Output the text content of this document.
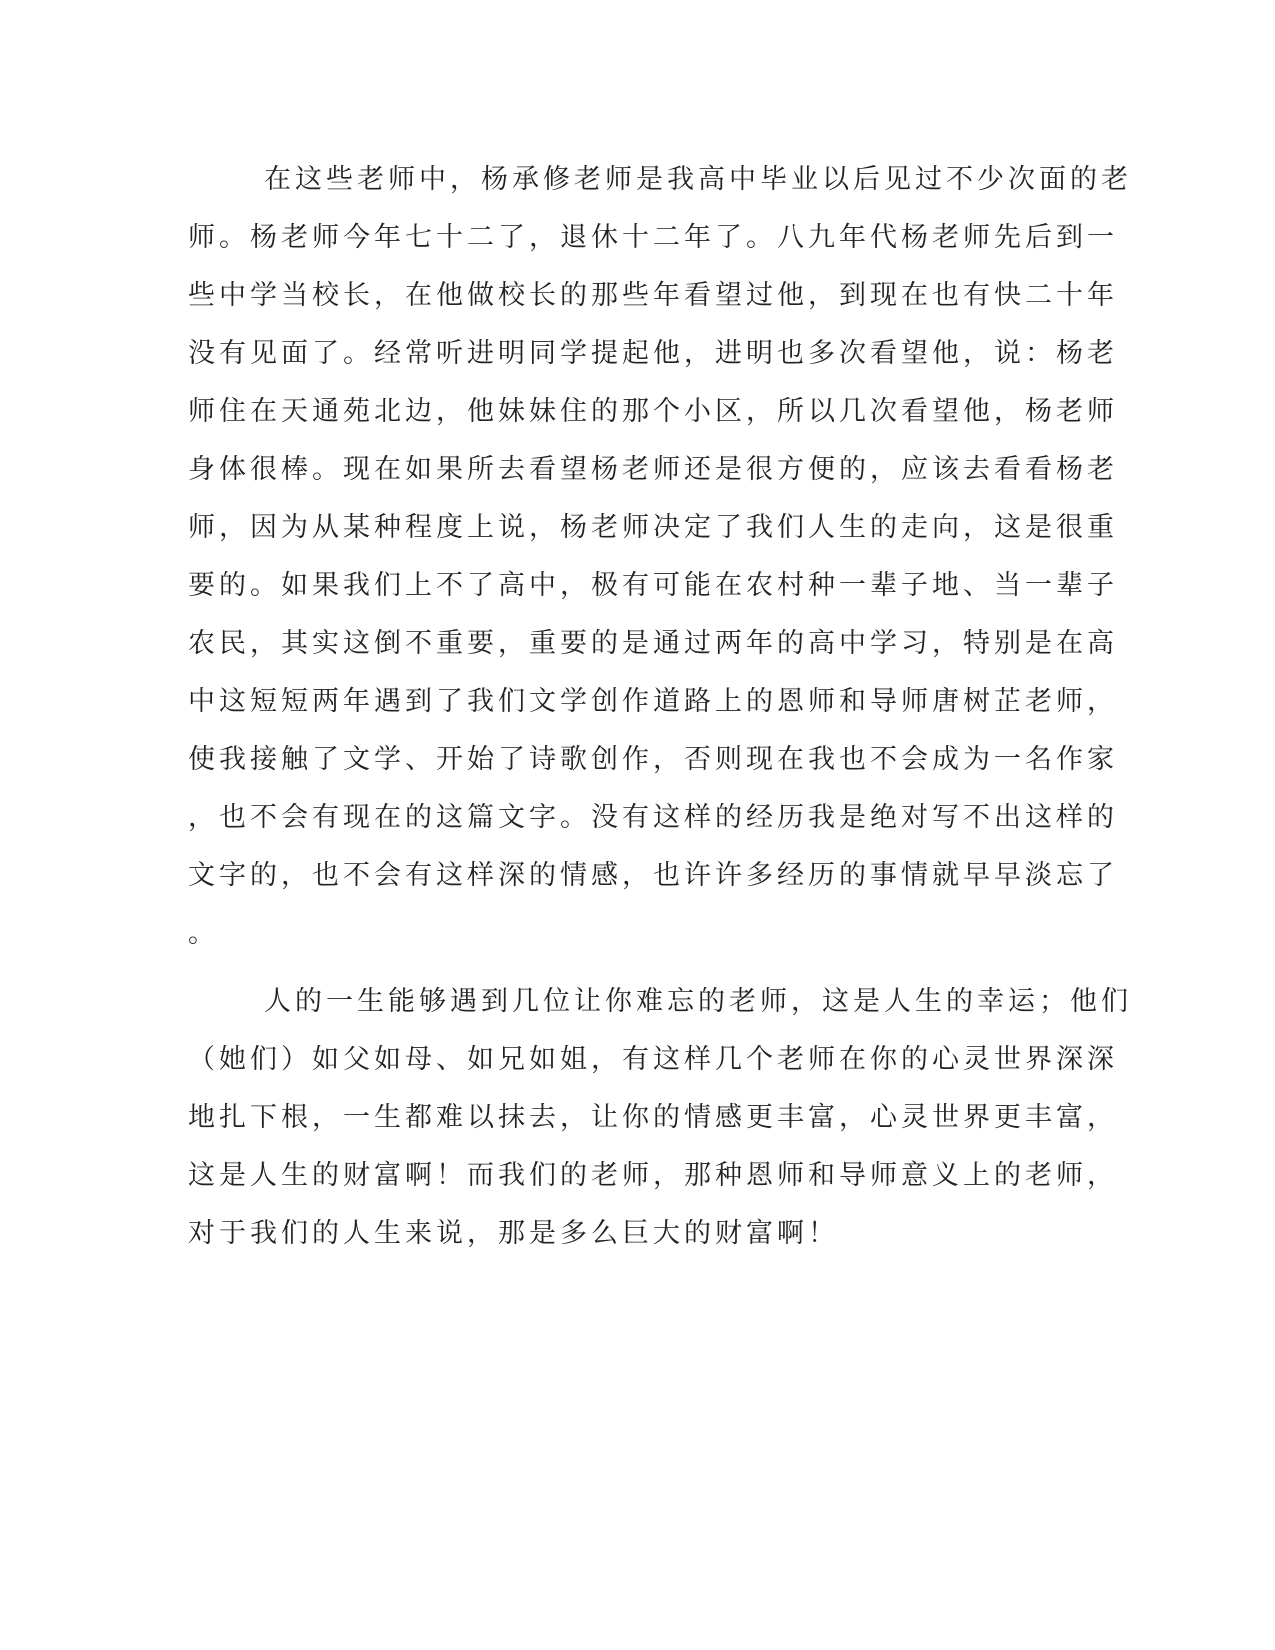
在这些老师中，杨承修老师是我高中毕业以后见过不少次面的老
师。杨老师今年七十二了，退休十二年了。八九年代杨老师先后到一
些中学当校长，在他做校长的那些年看望过他，到现在也有快二十年
没有见面了。经常听进明同学提起他，进明也多次看望他，说：杨老
师住在天通苑北边，他妹妹住的那个小区，所以几次看望他，杨老师
身体很棒。现在如果所去看望杨老师还是很方便的，应该去看看杨老
师，因为从某种程度上说，杨老师决定了我们人生的走向，这是很重
要的。如果我们上不了高中，极有可能在农村种一辈子地、当一辈子
农民，其实这倒不重要，重要的是通过两年的高中学习，特别是在高
中这短短两年遇到了我们文学创作道路上的恩师和导师唐树芷老师，
使我接触了文学、开始了诗歌创作，否则现在我也不会成为一名作家
，也不会有现在的这篇文字。没有这样的经历我是绝对写不出这样的
文字的，也不会有这样深的情感，也许许多经历的事情就早早淡忘了
。
人的一生能够遇到几位让你难忘的老师，这是人生的幸运；他们
（她们）如父如母、如兄如姐，有这样几个老师在你的心灵世界深深
地扎下根，一生都难以抹去，让你的情感更丰富，心灵世界更丰富，
这是人生的财富啊！而我们的老师，那种恩师和导师意义上的老师，
对于我们的人生来说，那是多么巨大的财富啊！
